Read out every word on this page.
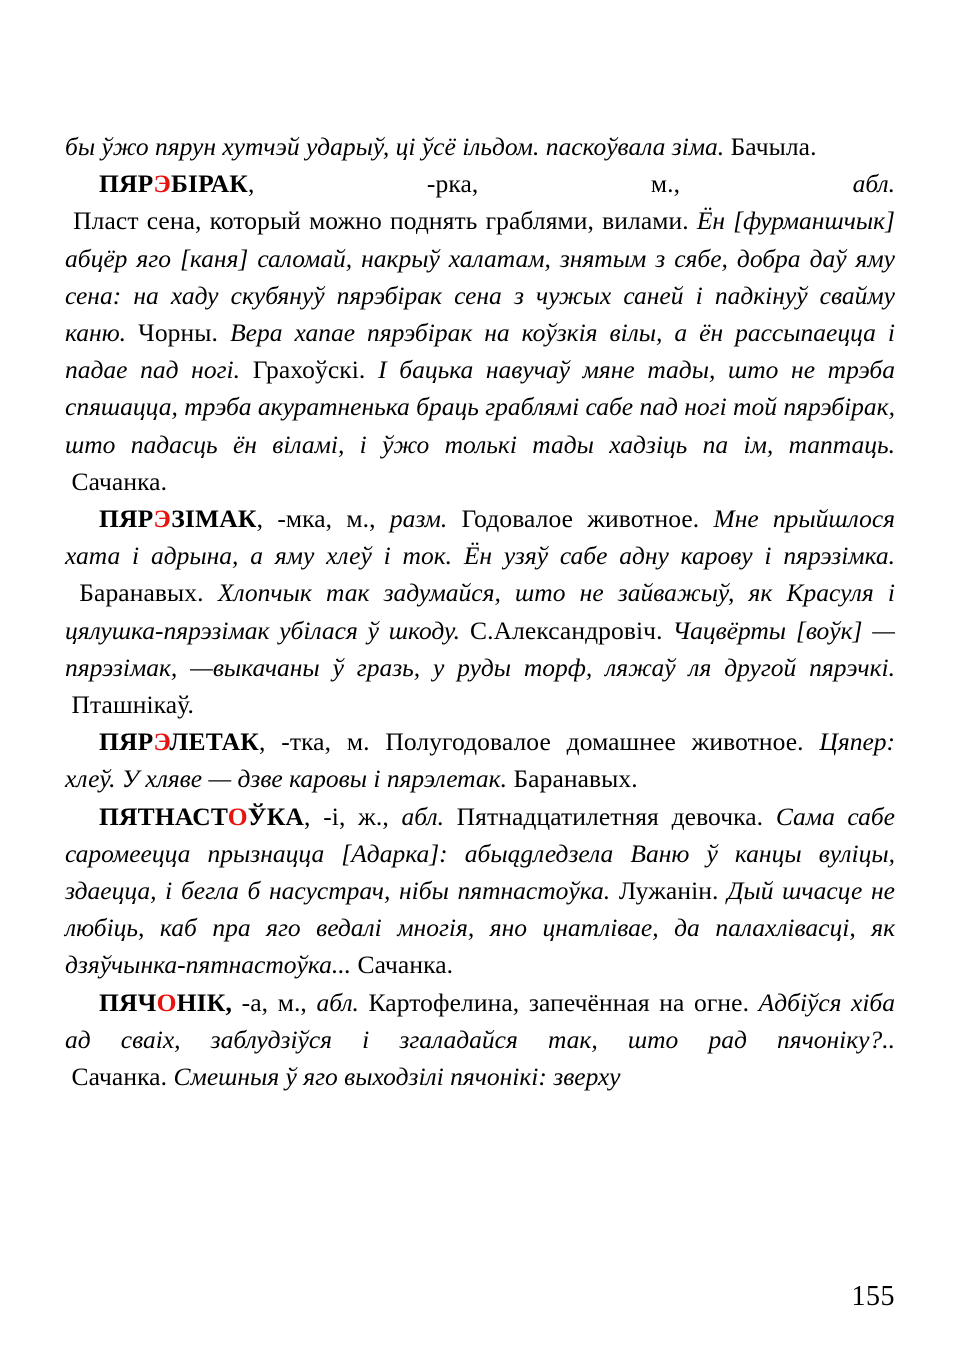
бы ўжо пярун хутчэй ударыў, ці ўсё ільдом. паскоўвала зіма. Бачыла.

ПЯРЭБІРАК, -рка, м., абл. Пласт сена, который можно поднять граблями, вилами. Ён [фурманшчык] абцёр яго [каня] саломай, накрыў халатам, знятым з сябе, добра даў яму сена: на хаду скубянуў пярэбірак сена з чужых саней і падкінуў свайму каню. Чорны. Вера хапае пярэбірак на коўзкія вілы, а ён рассыпаецца і падае пад ногі. Грахоўскі. І бацька навучаў мяне тады, што не трэба спяшацца, трэба акуратненька браць граблямі сабе пад ногі той пярэбірак, што падасць ён віламі, і ўжо толькі тады хадзіць па ім, таптаць. Сачанка.

ПЯРЭЗІМАК, -мка, м., разм. Годовалое животное. Мне прыйшлося хата і адрына, а яму хлеў і ток. Ён узяў сабе адну карову і пярэзімка. Баранавых. Хлопчык так задумайся, што не зайважыў, як Красуля і цялушка-пярэзімак убілася ў шкоду. С.Александровіч. Чацвёрты [воўк] — пярэзімак, —выкачаны ў гразь, у руды торф, ляжаў ля другой пярэчкі. Пташнікаў.

ПЯРЭЛЕТАК, -тка, м. Полугодовалое домашнее животное. Цяпер: хлеў. У хляве — дзве каровы і пярэлетак. Баранавых.

ПЯТНАСТОЎКА, -і, ж., абл. Пятнадцатилетняя девочка. Сама сабе саромеецца прызнацца [Адарка]: абыągледзела Ваню ў канцы вуліцы, здаецца, і бегла б насустрач, нібы пятнастоўка. Лужанін. Дый шчасце не любіць, каб пра яго ведалі многія, яно цнатлівае, да палахлівасці, як дзяўчынка-пятнастоўка... Сачанка.

ПЯЧОНІК, -а, м., абл. Картофелина, запечённая на огне. Адбіўся хіба ад сваіх, заблудзіўся і згаладайся так, што рад пячоніку?.. Сачанка. Смешныя ў яго выходзілі пячонікі: зверху

155
